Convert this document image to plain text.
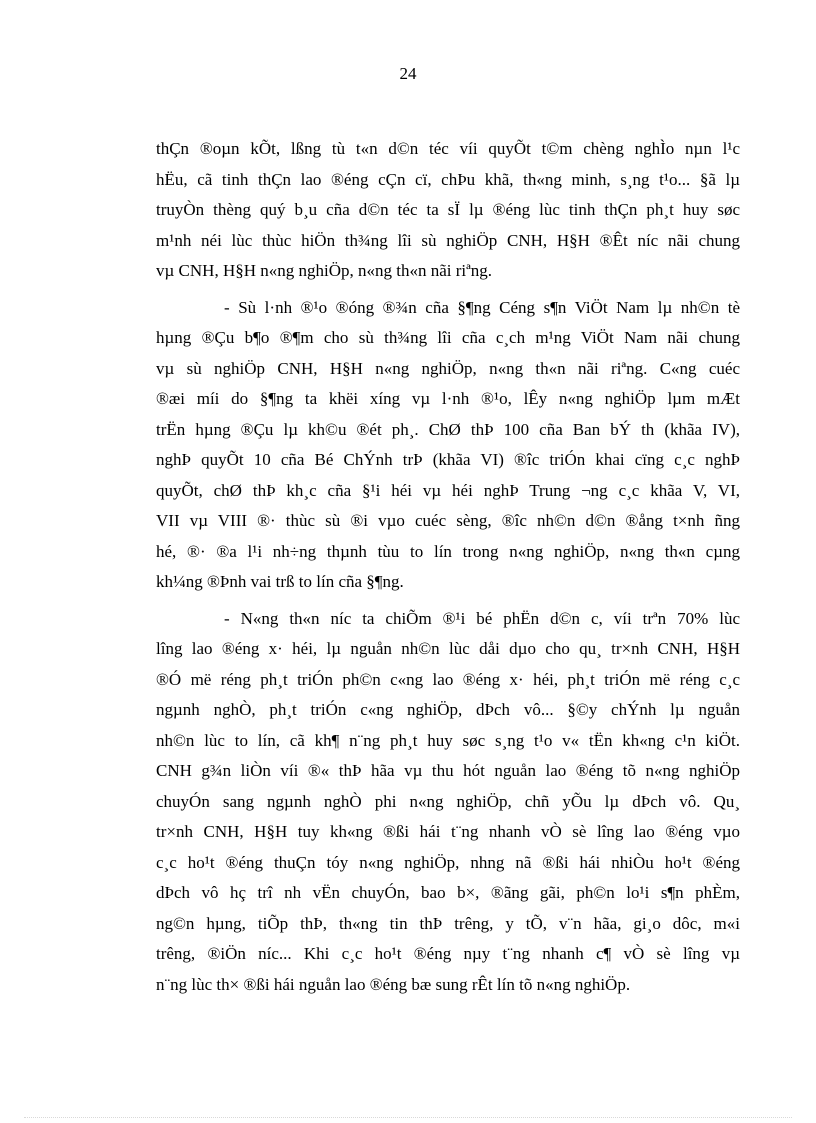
24

thÇn ®oµn kÕt, lßng tù t«n d©n téc víi quyÕt t©m chèng nghÌo nµn l¹c
hËu, cã tinh thÇn lao ®éng cÇn cï, chÞu khã, th«ng minh, s¸ng t¹o... §ã lµ
truyÒn thèng quý b¸u cña d©n téc ta sÏ lµ ®éng lùc tinh thÇn ph¸t huy søc
m¹nh néi lùc thùc hiÖn th¾ng lîi sù nghiÖp CNH, H§H ®Êt níc nãi chung
vµ CNH, H§H n«ng nghiÖp, n«ng th«n nãi riªng.

- Sù l·nh ®¹o ®óng ®¾n cña §¶ng Céng s¶n ViÖt Nam lµ nh©n tè
hµng ®Çu b¶o ®¶m cho sù th¾ng lîi cña c¸ch m¹ng ViÖt Nam nãi chung
vµ sù nghiÖp CNH, H§H n«ng nghiÖp, n«ng th«n nãi riªng. C«ng cuéc
®æi míi do §¶ng ta khëi xíng vµ l·nh ®¹o, lÊy n«ng nghiÖp lµm mÆt
trËn hµng ®Çu lµ kh©u ®ét ph¸. ChØ thÞ 100 cña Ban bÝ th (khãa IV),
nghÞ quyÕt 10 cña Bé ChÝnh trÞ (khãa VI) ®îc triÓn khai cïng c¸c nghÞ
quyÕt, chØ thÞ kh¸c cña §¹i héi vµ héi nghÞ Trung ¬ng c¸c khãa V, VI,
VII vµ VIII ®· thùc sù ®i vµo cuéc sèng, ®îc nh©n d©n ®ång t×nh ñng
hé, ®· ®a l¹i nh÷ng thµnh tùu to lín trong n«ng nghiÖp, n«ng th«n cµng
kh¼ng ®Þnh vai trß to lín cña §¶ng.

- N«ng th«n níc ta chiÕm ®¹i bé phËn d©n c, víi trªn 70% lùc
lîng lao ®éng x· héi, lµ nguån nh©n lùc dåi dµo cho qu¸ tr×nh CNH, H§H
®Ó më réng ph¸t triÓn ph©n c«ng lao ®éng x· héi, ph¸t triÓn më réng c¸c
ngµnh nghÒ, ph¸t triÓn c«ng nghiÖp, dÞch vô... §©y chÝnh lµ nguån
nh©n lùc to lín, cã kh¶ n¨ng ph¸t huy søc s¸ng t¹o v« tËn kh«ng c¹n kiÖt.
CNH g¾n liÒn víi ®« thÞ hãa vµ thu hót nguån lao ®éng tõ n«ng nghiÖp
chuyÓn sang ngµnh nghÒ phi n«ng nghiÖp, chñ yÕu lµ dÞch vô. Qu¸
tr×nh CNH, H§H tuy kh«ng ®ßi hái t¨ng nhanh vÒ sè lîng lao ®éng vµo
c¸c ho¹t ®éng thuÇn tóy n«ng nghiÖp, nhng nã ®ßi hái nhiÒu ho¹t ®éng
dÞch vô hç trî nh vËn chuyÓn, bao b×, ®ãng gãi, ph©n lo¹i s¶n phÈm,
ng©n hµng, tiÕp thÞ, th«ng tin thÞ trêng, y tÕ, v¨n hãa, gi¸o dôc, m«i
trêng, ®iÖn níc... Khi c¸c ho¹t ®éng nµy t¨ng nhanh c¶ vÒ sè lîng vµ
n¨ng lùc th× ®ßi hái nguån lao ®éng bæ sung rÊt lín tõ n«ng nghiÖp.
